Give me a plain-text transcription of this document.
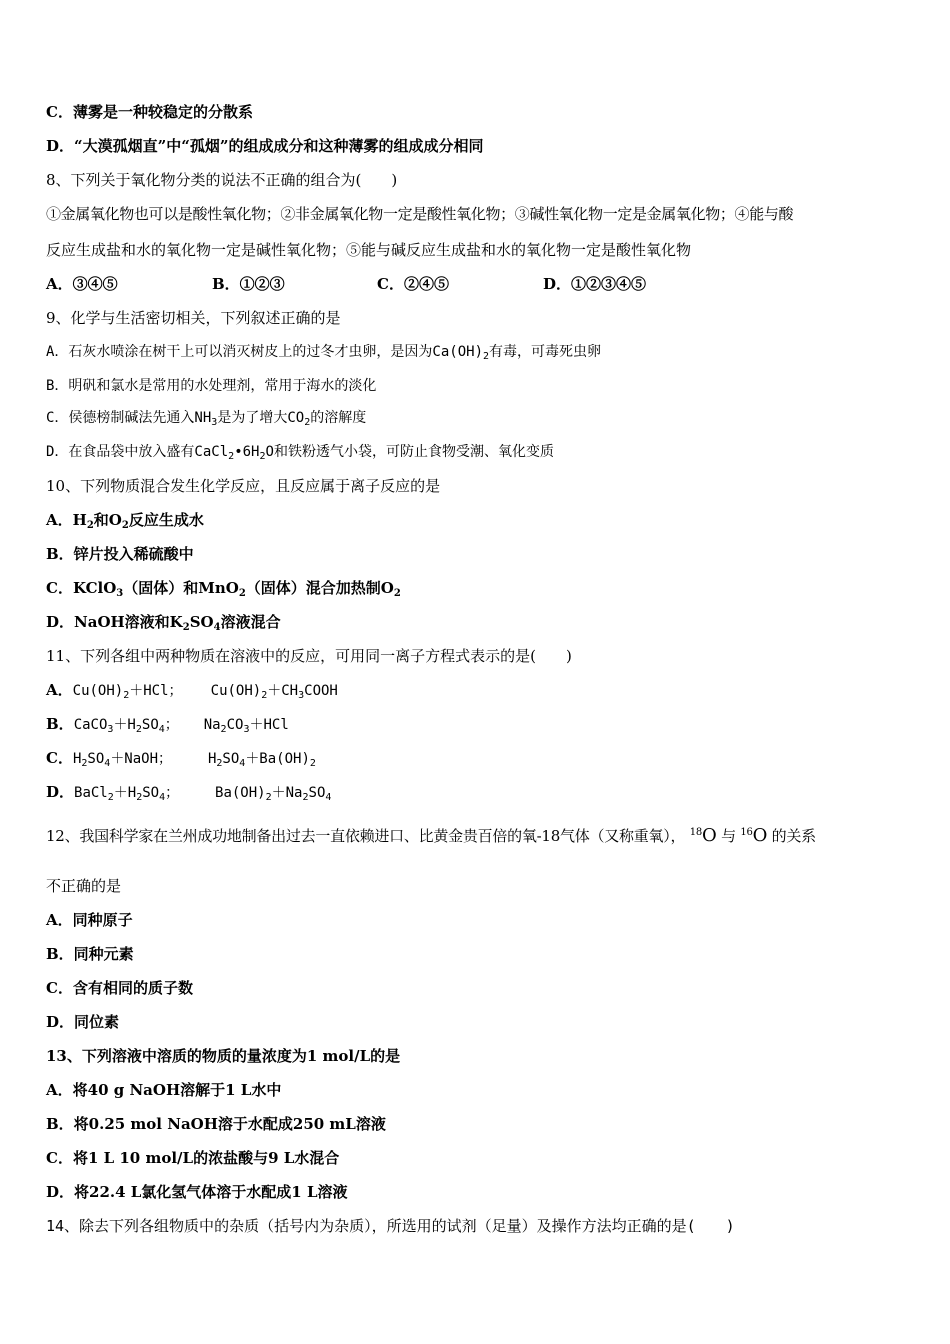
C．薄雾是一种较稳定的分散系
D．“大漠孤烟直”中“孤烟”的组成成分和这种薄雾的组成成分相同
8、下列关于氧化物分类的说法不正确的组合为(　　)
①金属氧化物也可以是酸性氧化物；②非金属氧化物一定是酸性氧化物；③碱性氧化物一定是金属氧化物；④能与酸
反应生成盐和水的氧化物一定是碱性氧化物；⑤能与碱反应生成盐和水的氧化物一定是酸性氧化物
A．③④⑤	B．①②③	C．②④⑤	D．①②③④⑤
9、化学与生活密切相关，下列叙述正确的是
A．石灰水喷涂在树干上可以消灭树皮上的过冬才虫卵，是因为$Ca(OH)_2$有毒，可毒死虫卵
B．明矾和氯水是常用的水处理剂，常用于海水的淡化
C．侯德榜制碱法先通入$NH_3$是为了增大$CO_2$的溶解度
D．在食品袋中放入盛有$CaCl_2•6H_2O$和铁粉透气小袋，可防止食物受潮、氧化变质
10、下列物质混合发生化学反应，且反应属于离子反应的是
A．$H_2$和$O_2$反应生成水
B．锌片投入稀硫酸中
C．KClO$_3$（固体）和MnO$_2$（固体）混合加热制$O_2$
D．NaOH溶液和$K_2SO_4$溶液混合
11、下列各组中两种物质在溶液中的反应，可用同一离子方程式表示的是(　　)
A．$Cu(OH)_2+HCl$； $Cu(OH)_2+CH_3COOH$
B．$CaCO_3+H_2SO_4$； $Na_2CO_3+HCl$
C．$H_2SO_4+NaOH$；	$H_2SO_4+Ba(OH)_2$
D．$BaCl_2+H_2SO_4$；	$Ba(OH)_2+Na_2SO_4$
12、我国科学家在兰州成功地制备出过去一直依赖进口、比黄金贵百倍的氧-18气体（又称重氧）， $^{18}$O 与 $^{16}$O 的关系
不正确的是
A．同种原子
B．同种元素
C．含有相同的质子数
D．同位素
13、下列溶液中溶质的物质的量浓度为1 mol/L的是
A．将40 g NaOH溶解于1 L水中
B．将0.25 mol NaOH溶于水配成250 mL溶液
C．将1 L 10 mol/L的浓盐酸与9 L水混合
D．将22.4 L氯化氢气体溶于水配成1 L溶液
14、除去下列各组物质中的杂质（括号内为杂质），所选用的试剂（足量）及操作方法均正确的是(　　)
